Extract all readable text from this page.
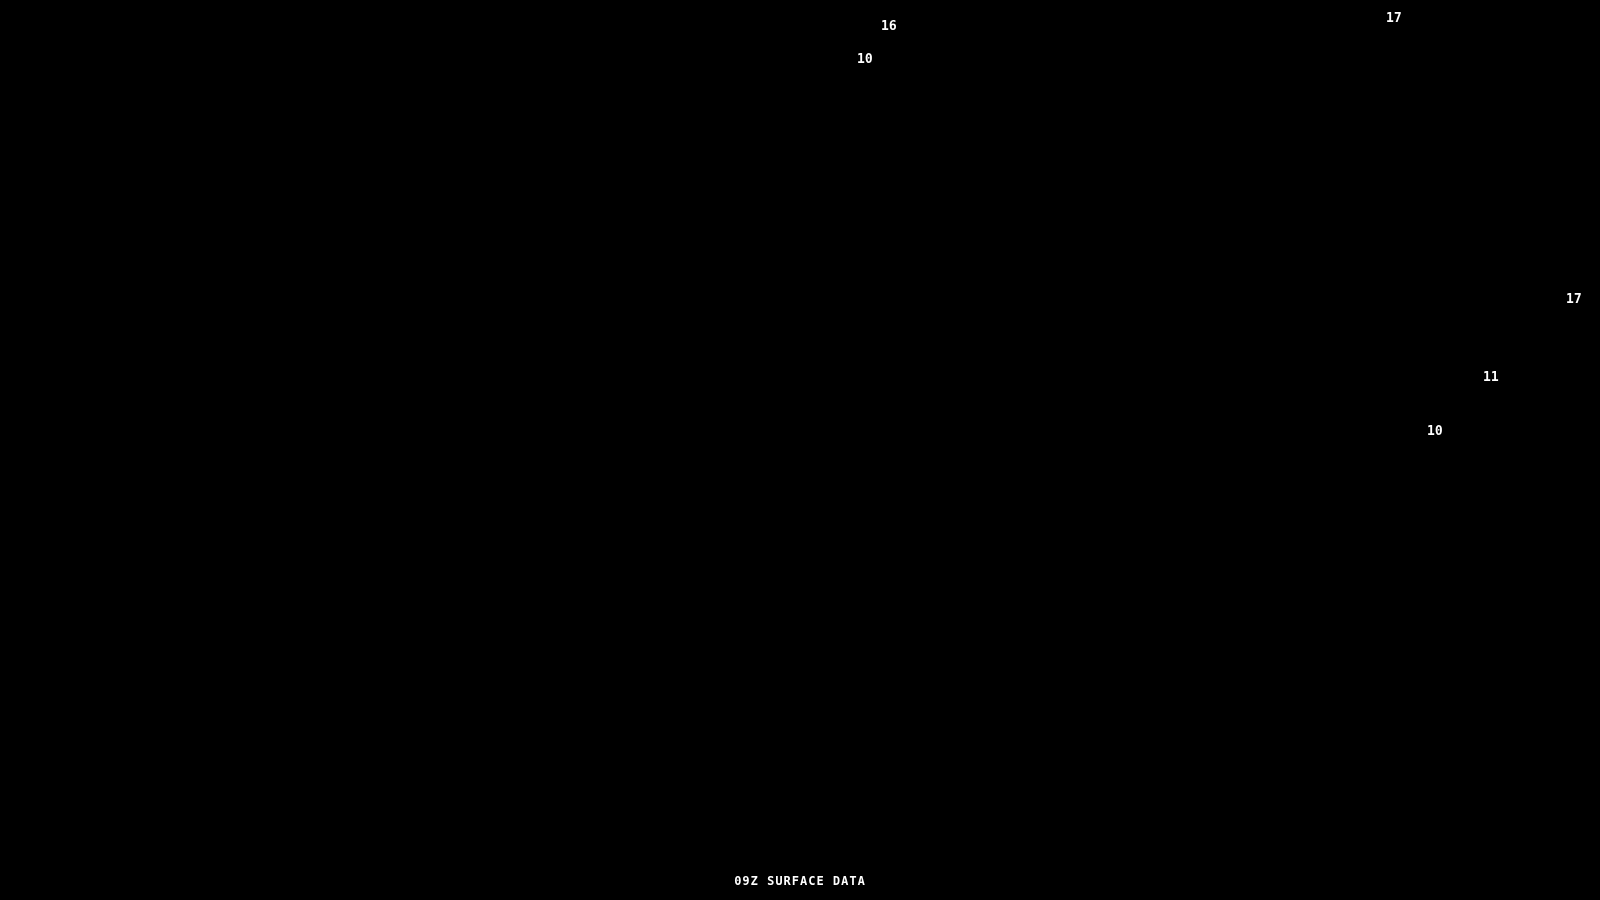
16
10
17
17
11
10
09Z SURFACE DATA
